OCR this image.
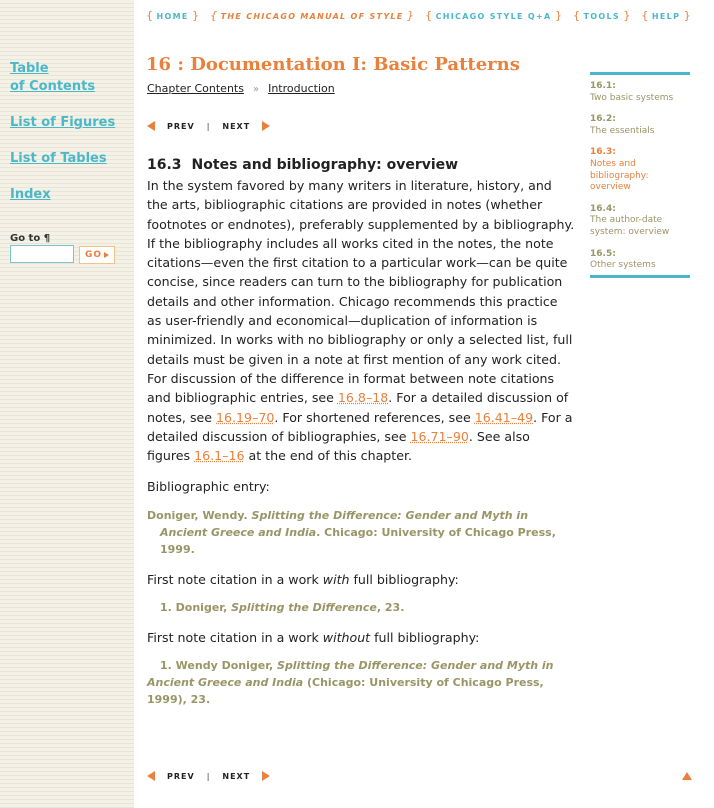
Table
of Contents
List of Figures
List of Tables
Index
Go to ¶
GO
{ HOME } { THE CHICAGO MANUAL OF STYLE } { CHICAGO STYLE Q+A } { TOOLS } { HELP }
16 : Documentation I: Basic Patterns
Chapter Contents » Introduction
PREV | NEXT
16.3 Notes and bibliography: overview

In the system favored by many writers in literature, history, and the arts, bibliographic citations are provided in notes (whether footnotes or endnotes), preferably supplemented by a bibliography. If the bibliography includes all works cited in the notes, the note citations—even the first citation to a particular work—can be quite concise, since readers can turn to the bibliography for publication details and other information. Chicago recommends this practice as user-friendly and economical—duplication of information is minimized. In works with no bibliography or only a selected list, full details must be given in a note at first mention of any work cited. For discussion of the difference in format between note citations and bibliographic entries, see 16.8–18. For a detailed discussion of notes, see 16.19–70. For shortened references, see 16.41–49. For a detailed discussion of bibliographies, see 16.71–90. See also figures 16.1–16 at the end of this chapter.

Bibliographic entry:

Doniger, Wendy. Splitting the Difference: Gender and Myth in Ancient Greece and India. Chicago: University of Chicago Press, 1999.

First note citation in a work with full bibliography:

1. Doniger, Splitting the Difference, 23.

First note citation in a work without full bibliography:

1. Wendy Doniger, Splitting the Difference: Gender and Myth in Ancient Greece and India (Chicago: University of Chicago Press, 1999), 23.
PREV | NEXT
16.1:
Two basic systems
16.2:
The essentials
16.3:
Notes and bibliography: overview
16.4:
The author-date system: overview
16.5:
Other systems
